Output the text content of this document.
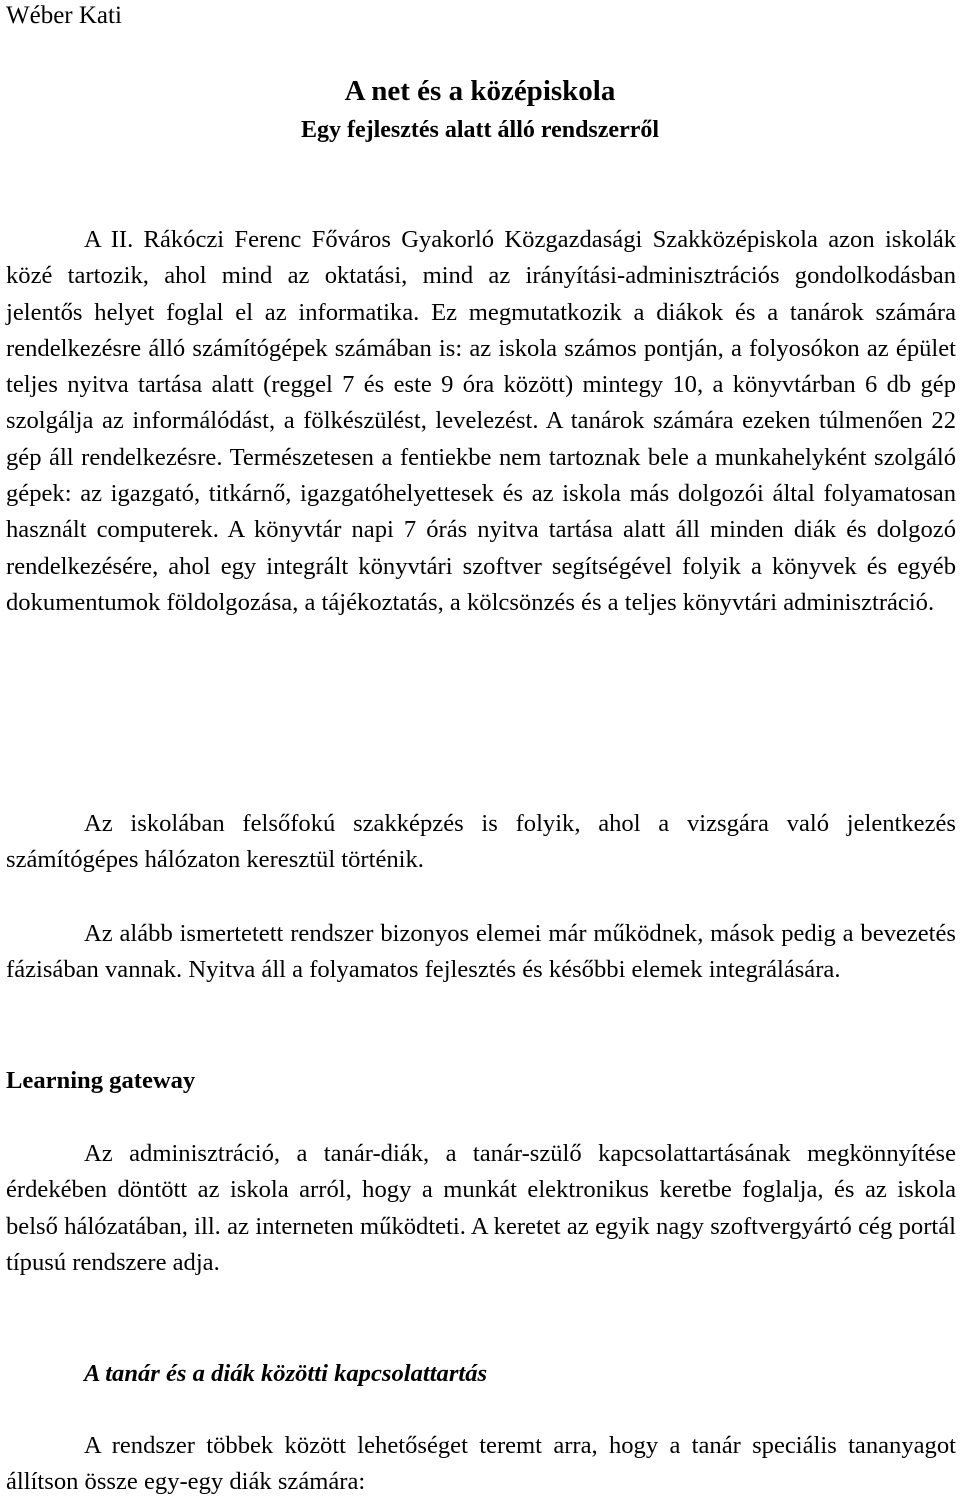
Wéber Kati
A net és a középiskola
Egy fejlesztés alatt álló rendszerről

A II. Rákóczi Ferenc Főváros Gyakorló Közgazdasági Szakközépiskola azon iskolák közé tartozik, ahol mind az oktatási, mind az irányítási-adminisztrációs gondolkodásban jelentős helyet foglal el az informatika. Ez megmutatkozik a diákok és a tanárok számára rendelkezésre álló számítógépek számában is: az iskola számos pontján, a folyosókon az épület teljes nyitva tartása alatt (reggel 7 és este 9 óra között) mintegy 10, a könyvtárban 6 db gép szolgálja az informálódást, a fölkészülést, levelezést. A tanárok számára ezeken túlmenően 22 gép áll rendelkezésre. Természetesen a fentiekbe nem tartoznak bele a munkahelyként szolgáló gépek: az igazgató, titkárnő, igazgatóhelyettesek és az iskola más dolgozói által folyamatosan használt computerek. A könyvtár napi 7 órás nyitva tartása alatt áll minden diák és dolgozó rendelkezésére, ahol egy integrált könyvtári szoftver segítségével folyik a könyvek és egyéb dokumentumok földolgozása, a tájékoztatás, a kölcsönzés és a teljes könyvtári adminisztráció.

Az iskolában felsőfokú szakképzés is folyik, ahol a vizsgára való jelentkezés számítógépes hálózaton keresztül történik.

Az alább ismertetett rendszer bizonyos elemei már működnek, mások pedig a bevezetés fázisában vannak. Nyitva áll a folyamatos fejlesztés és későbbi elemek integrálására.

Learning gateway

Az adminisztráció, a tanár-diák, a tanár-szülő kapcsolattartásának megkönnyítése érdekében döntött az iskola arról, hogy a munkát elektronikus keretbe foglalja, és az iskola belső hálózatában, ill. az interneten működteti. A keretet az egyik nagy szoftvergyártó cég portál típusú rendszere adja.

A tanár és a diák közötti kapcsolattartás

A rendszer többek között lehetőséget teremt arra, hogy a tanár speciális tananyagot állítson össze egy-egy diák számára:
